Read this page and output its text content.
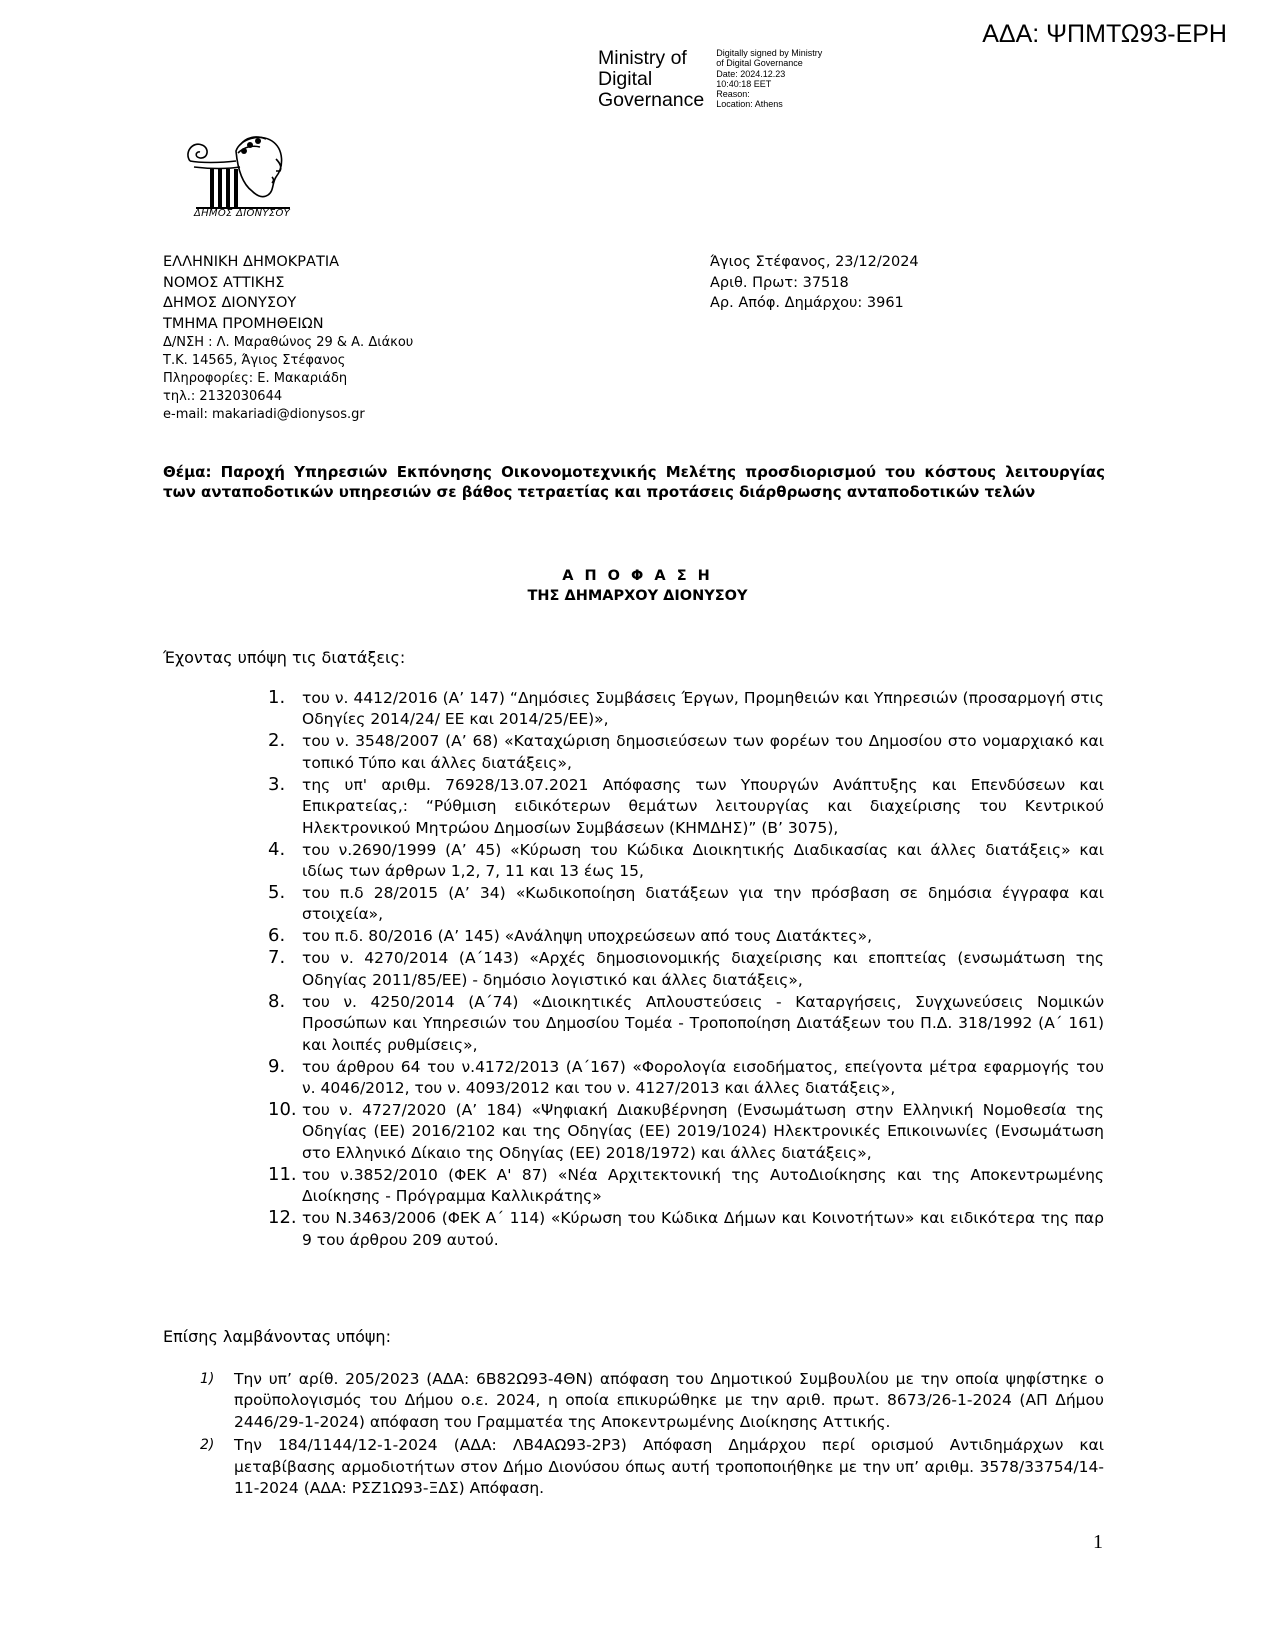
ΑΔΑ: ΨΠΜΤΩ93-ΕΡΗ
Ministry of
Digital
Governance
Digitally signed by Ministry
of Digital Governance
Date: 2024.12.23
10:40:18 EET
Reason:
Location: Athens
ΔΗΜΟΣ ΔΙΟΝΥΣΟΥ
ΕΛΛΗΝΙΚΗ ΔΗΜΟΚΡΑΤΙΑ
ΝΟΜΟΣ ΑΤΤΙΚΗΣ
ΔΗΜΟΣ ΔΙΟΝΥΣΟΥ
ΤΜΗΜΑ ΠΡΟΜΗΘΕΙΩΝ
Δ/ΝΣΗ : Λ. Μαραθώνος 29 & Α. Διάκου
Τ.Κ. 14565, Άγιος Στέφανος
Πληροφορίες: Ε. Μακαριάδη
τηλ.: 2132030644
e-mail: makariadi@dionysos.gr
Άγιος Στέφανος, 23/12/2024
Αριθ. Πρωτ: 37518
Αρ. Απόφ. Δημάρχου: 3961
Θέμα: Παροχή Υπηρεσιών Εκπόνησης Οικονομοτεχνικής Μελέτης προσδιορισμού του κόστους λειτουργίας των ανταποδοτικών υπηρεσιών σε βάθος τετραετίας και προτάσεις διάρθρωσης ανταποδοτικών τελών
Α Π Ο Φ Α Σ Η
ΤΗΣ ΔΗΜΑΡΧΟΥ ΔΙΟΝΥΣΟΥ
Έχοντας υπόψη τις διατάξεις:
1. του ν. 4412/2016 (Α’ 147) “Δημόσιες Συμβάσεις Έργων, Προμηθειών και Υπηρεσιών (προσαρμογή στις Οδηγίες 2014/24/ ΕΕ και 2014/25/ΕΕ)»,
2. του ν. 3548/2007 (Α’ 68) «Καταχώριση δημοσιεύσεων των φορέων του Δημοσίου στο νομαρχιακό και τοπικό Τύπο και άλλες διατάξεις»,
3. της υπ' αριθμ. 76928/13.07.2021 Απόφασης των Υπουργών Ανάπτυξης και Επενδύσεων και Επικρατείας,: “Ρύθμιση ειδικότερων θεμάτων λειτουργίας και διαχείρισης του Κεντρικού Ηλεκτρονικού Μητρώου Δημοσίων Συμβάσεων (ΚΗΜΔΗΣ)” (Β’ 3075),
4. του ν.2690/1999 (Α’ 45) «Κύρωση του Κώδικα Διοικητικής Διαδικασίας και άλλες διατάξεις» και ιδίως των άρθρων 1,2, 7, 11 και 13 έως 15,
5. του π.δ 28/2015 (Α’ 34) «Κωδικοποίηση διατάξεων για την πρόσβαση σε δημόσια έγγραφα και στοιχεία»,
6. του π.δ. 80/2016 (Α’ 145) «Ανάληψη υποχρεώσεων από τους Διατάκτες»,
7. του ν. 4270/2014 (Α΄143) «Αρχές δημοσιονομικής διαχείρισης και εποπτείας (ενσωμάτωση της Οδηγίας 2011/85/ΕΕ) - δημόσιο λογιστικό και άλλες διατάξεις»,
8. του ν. 4250/2014 (Α΄74) «Διοικητικές Απλουστεύσεις - Καταργήσεις, Συγχωνεύσεις Νομικών Προσώπων και Υπηρεσιών του Δημοσίου Τομέα - Τροποποίηση Διατάξεων του Π.Δ. 318/1992 (Α΄ 161) και λοιπές ρυθμίσεις»,
9. του άρθρου 64 του ν.4172/2013 (Α΄167) «Φορολογία εισοδήματος, επείγοντα μέτρα εφαρμογής του ν. 4046/2012, του ν. 4093/2012 και του ν. 4127/2013 και άλλες διατάξεις»,
10. του ν. 4727/2020 (Α’ 184) «Ψηφιακή Διακυβέρνηση (Ενσωμάτωση στην Ελληνική Νομοθεσία της Οδηγίας (ΕΕ) 2016/2102 και της Οδηγίας (ΕΕ) 2019/1024) Ηλεκτρονικές Επικοινωνίες (Ενσωμάτωση στο Ελληνικό Δίκαιο της Οδηγίας (ΕΕ) 2018/1972) και άλλες διατάξεις»,
11. του ν.3852/2010 (ΦΕΚ Α' 87) «Νέα Αρχιτεκτονική της ΑυτοΔιοίκησης και της Αποκεντρωμένης Διοίκησης - Πρόγραμμα Καλλικράτης»
12. του Ν.3463/2006 (ΦΕΚ Α΄ 114) «Κύρωση του Κώδικα Δήμων και Κοινοτήτων» και ειδικότερα της παρ 9 του άρθρου 209 αυτού.
Επίσης λαμβάνοντας υπόψη:
1) Την υπ’ αρίθ. 205/2023 (ΑΔΑ: 6Β82Ω93-4ΘΝ) απόφαση του Δημοτικού Συμβουλίου με την οποία ψηφίστηκε ο προϋπολογισμός του Δήμου ο.ε. 2024, η οποία επικυρώθηκε με την αριθ. πρωτ. 8673/26-1-2024 (ΑΠ Δήμου 2446/29-1-2024) απόφαση του Γραμματέα της Αποκεντρωμένης Διοίκησης Αττικής.
2) Την 184/1144/12-1-2024 (ΑΔΑ: ΛΒ4ΑΩ93-2Ρ3) Απόφαση Δημάρχου περί ορισμού Αντιδημάρχων και μεταβίβασης αρμοδιοτήτων στον Δήμο Διονύσου όπως αυτή τροποποιήθηκε με την υπ’ αριθμ. 3578/33754/14-11-2024 (ΑΔΑ: ΡΣΖ1Ω93-ΞΔΣ) Απόφαση.
1
